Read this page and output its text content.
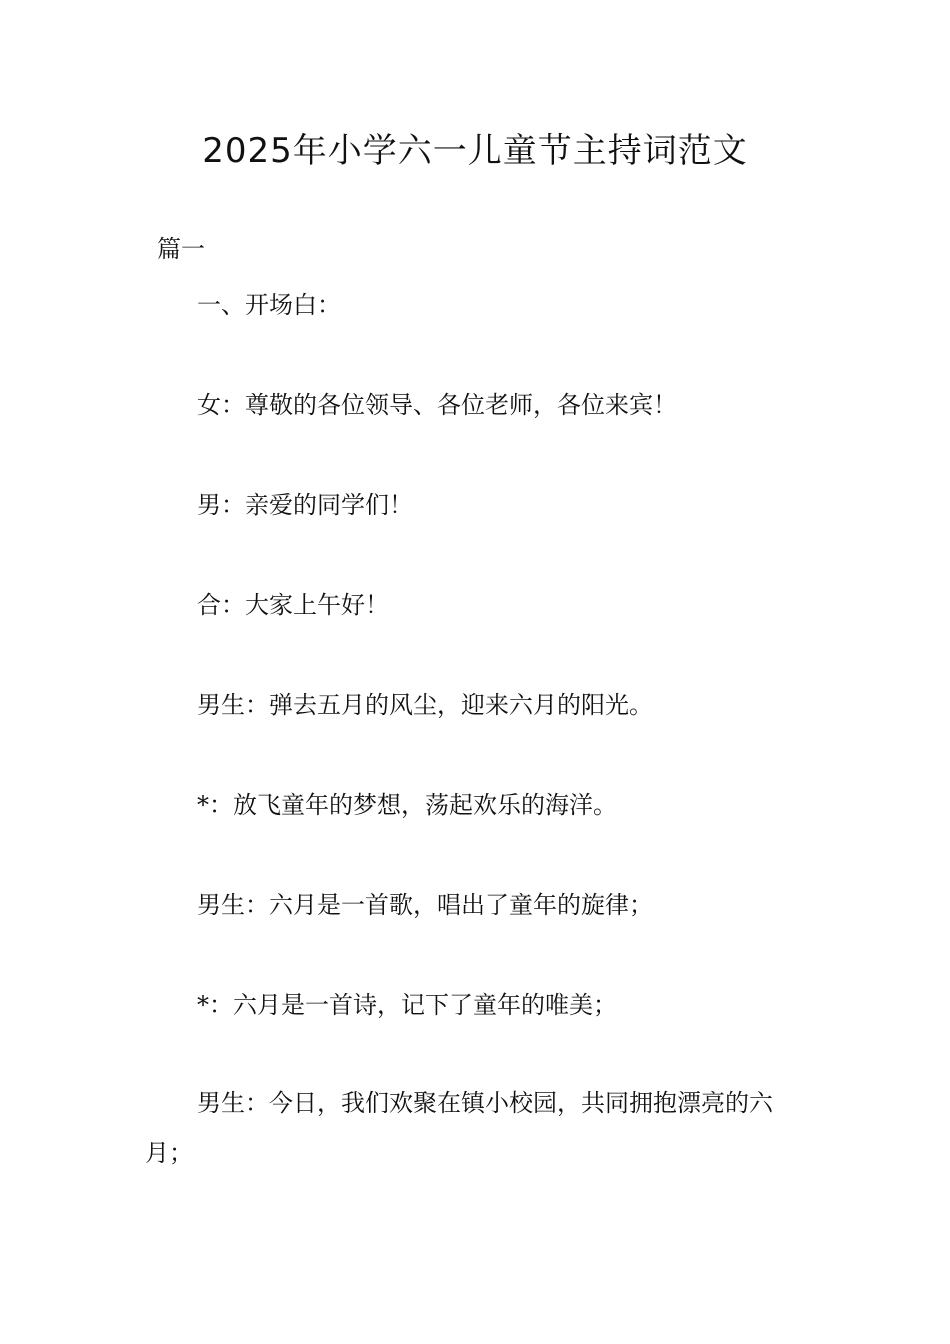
2025年小学六一儿童节主持词范文
篇一

一、开场白：

女：尊敬的各位领导、各位老师，各位来宾！

男：亲爱的同学们！

合：大家上午好！

男生：弹去五月的风尘，迎来六月的阳光。

*：放飞童年的梦想，荡起欢乐的海洋。

男生：六月是一首歌，唱出了童年的旋律；

*：六月是一首诗，记下了童年的唯美；

男生：今日，我们欢聚在镇小校园，共同拥抱漂亮的六月；
